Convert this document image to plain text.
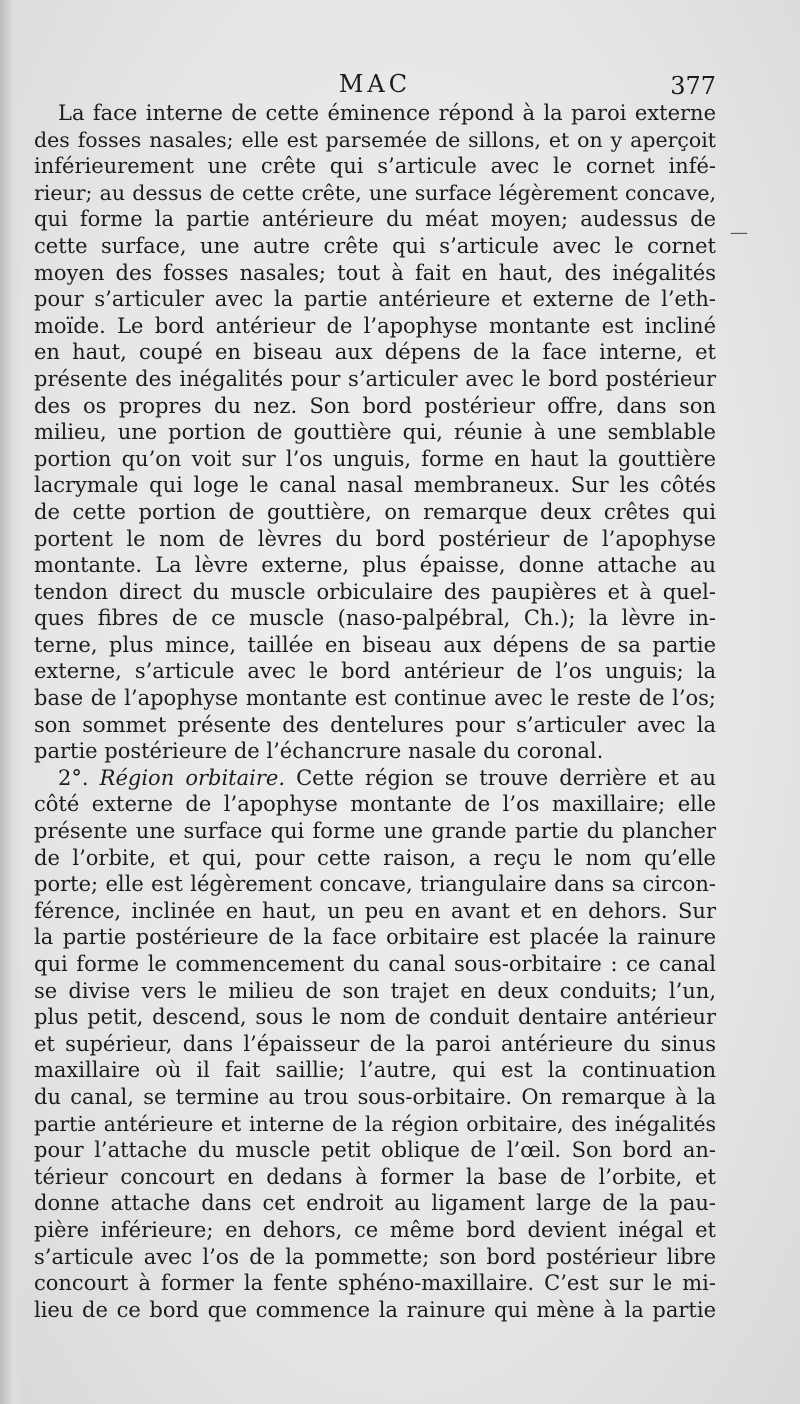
MAC	377
La face interne de cette éminence répond à la paroi externe
des fosses nasales; elle est parsemée de sillons, et on y aperçoit
inférieurement une crête qui s’articule avec le cornet infé-
rieur; au dessus de cette crête, une surface légèrement concave,
qui forme la partie antérieure du méat moyen; audessus de
cette surface, une autre crête qui s’articule avec le cornet
moyen des fosses nasales; tout à fait en haut, des inégalités
pour s’articuler avec la partie antérieure et externe de l’eth-
moïde. Le bord antérieur de l’apophyse montante est incliné
en haut, coupé en biseau aux dépens de la face interne, et
présente des inégalités pour s’articuler avec le bord postérieur
des os propres du nez. Son bord postérieur offre, dans son
milieu, une portion de gouttière qui, réunie à une semblable
portion qu’on voit sur l’os unguis, forme en haut la gouttière
lacrymale qui loge le canal nasal membraneux. Sur les côtés
de cette portion de gouttière, on remarque deux crêtes qui
portent le nom de lèvres du bord postérieur de l’apophyse
montante. La lèvre externe, plus épaisse, donne attache au
tendon direct du muscle orbiculaire des paupières et à quel-
ques fibres de ce muscle (naso-palpébral, Ch.); la lèvre in-
terne, plus mince, taillée en biseau aux dépens de sa partie
externe, s’articule avec le bord antérieur de l’os unguis; la
base de l’apophyse montante est continue avec le reste de l’os;
son sommet présente des dentelures pour s’articuler avec la
partie postérieure de l’échancrure nasale du coronal.
2°. Région orbitaire. Cette région se trouve derrière et au
côté externe de l’apophyse montante de l’os maxillaire; elle
présente une surface qui forme une grande partie du plancher
de l’orbite, et qui, pour cette raison, a reçu le nom qu’elle
porte; elle est légèrement concave, triangulaire dans sa circon-
férence, inclinée en haut, un peu en avant et en dehors. Sur
la partie postérieure de la face orbitaire est placée la rainure
qui forme le commencement du canal sous-orbitaire : ce canal
se divise vers le milieu de son trajet en deux conduits; l’un,
plus petit, descend, sous le nom de conduit dentaire antérieur
et supérieur, dans l’épaisseur de la paroi antérieure du sinus
maxillaire où il fait saillie; l’autre, qui est la continuation
du canal, se termine au trou sous-orbitaire. On remarque à la
partie antérieure et interne de la région orbitaire, des inégalités
pour l’attache du muscle petit oblique de l’œil. Son bord an-
térieur concourt en dedans à former la base de l’orbite, et
donne attache dans cet endroit au ligament large de la pau-
pière inférieure; en dehors, ce même bord devient inégal et
s’articule avec l’os de la pommette; son bord postérieur libre
concourt à former la fente sphéno-maxillaire. C’est sur le mi-
lieu de ce bord que commence la rainure qui mène à la partie
—
